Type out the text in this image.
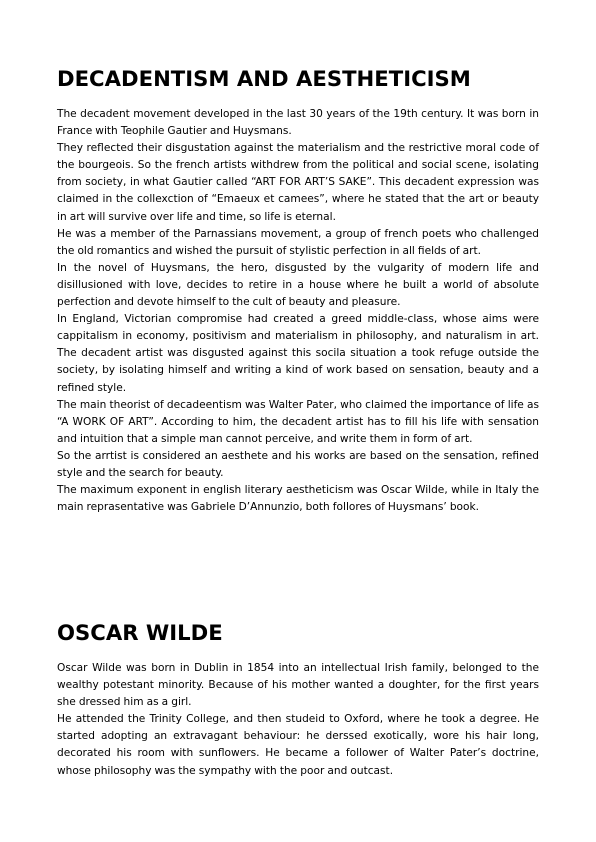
DECADENTISM AND AESTHETICISM

The decadent movement developed in the last 30 years of the 19th century. It was born in France with Teophile Gautier and Huysmans.

They reflected their disgustation against the materialism and the restrictive moral code of the bourgeois. So the french artists withdrew from the political and social scene, isolating from society, in what Gautier called “ART FOR ART’S SAKE”. This decadent expression was claimed in the collexction of “Emaeux et camees”, where he stated that the art or beauty in art will survive over life and time, so life is eternal.

He was a member of the Parnassians movement, a group of french poets who challenged the old romantics and wished the pursuit of stylistic perfection in all fields of art.

In the novel of Huysmans, the hero, disgusted by the vulgarity of modern life and disillusioned with love, decides to retire in a house where he built a world of absolute perfection and devote himself to the cult of beauty and pleasure.

In England, Victorian compromise had created a greed middle-class, whose aims were cappitalism in economy, positivism and materialism in philosophy, and naturalism in art. The decadent artist was disgusted against this socila situation a took refuge outside the society, by isolating himself and writing a kind of work based on sensation, beauty and a refined style.

The main theorist of decadeentism was Walter Pater, who claimed the importance of life as “A WORK OF ART”. According to him, the decadent artist has to fill his life with sensation and intuition that a simple man cannot perceive, and write them in form of art.

So the arrtist is considered an aesthete and his works are based on the sensation, refined style and the search for beauty.

The maximum exponent in english literary aestheticism was Oscar Wilde, while in Italy the main reprasentative was Gabriele D’Annunzio, both follores of Huysmans’ book.

OSCAR WILDE

Oscar Wilde was born in Dublin in 1854 into an intellectual Irish family, belonged to the wealthy potestant minority. Because of his mother wanted a doughter, for the first years she dressed him as a girl.

He attended the Trinity College, and then studeid to Oxford, where he took a degree. He started adopting an extravagant behaviour: he derssed exotically, wore his hair long, decorated his room with sunflowers. He became a follower of Walter Pater’s doctrine, whose philosophy was the sympathy with the poor and outcast.
